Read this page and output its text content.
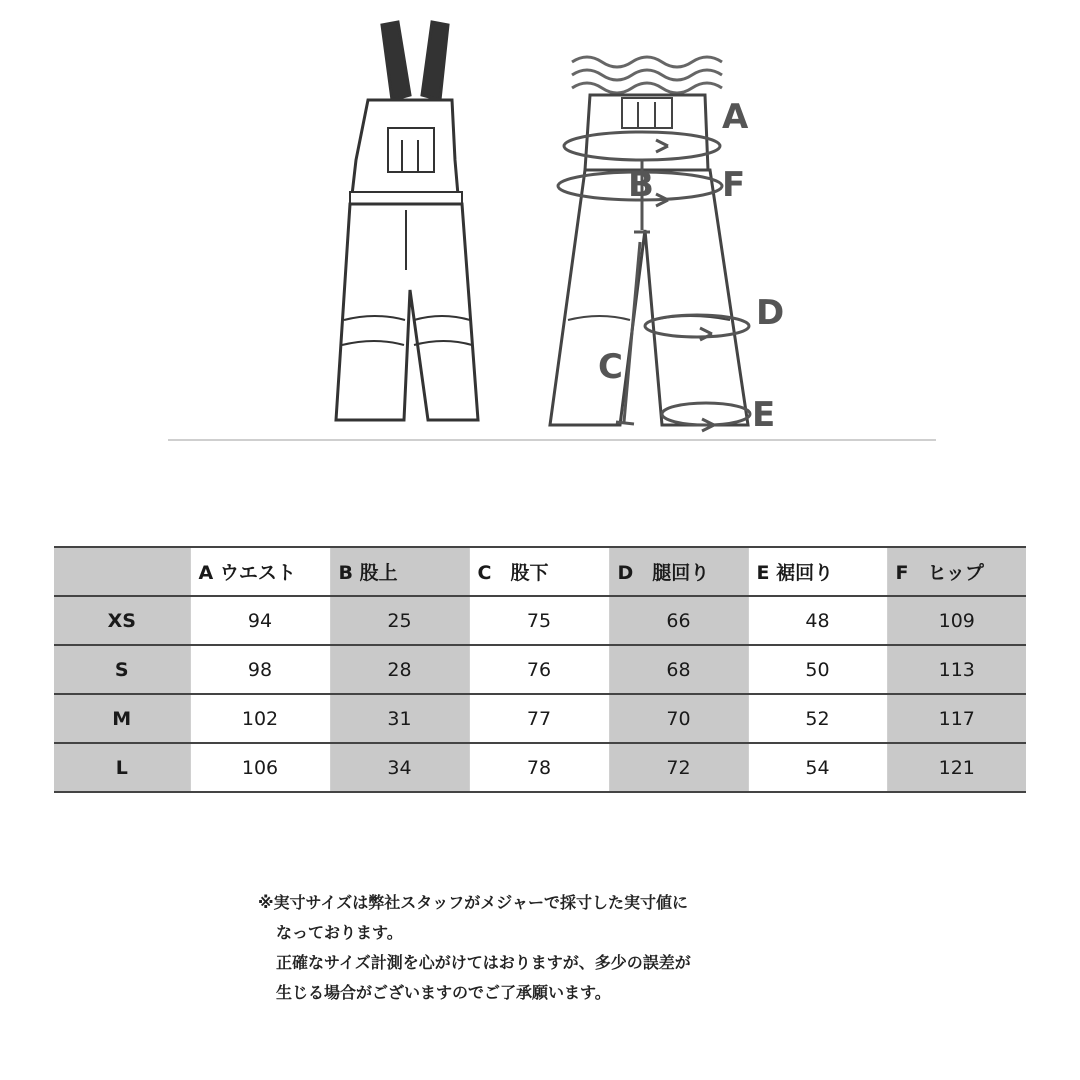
A
B
C
D
E
F
	A ウエスト	B 股上	C　股下	D　腿回り	E 裾回り	F　ヒップ
XS	94	25	75	66	48	109
S	98	28	76	68	50	113
M	102	31	77	70	52	117
L	106	34	78	72	54	121
※実寸サイズは弊社スタッフがメジャーで採寸した実寸値に
なっております。
正確なサイズ計測を心がけてはおりますが、多少の誤差が
生じる場合がございますのでご了承願います。
